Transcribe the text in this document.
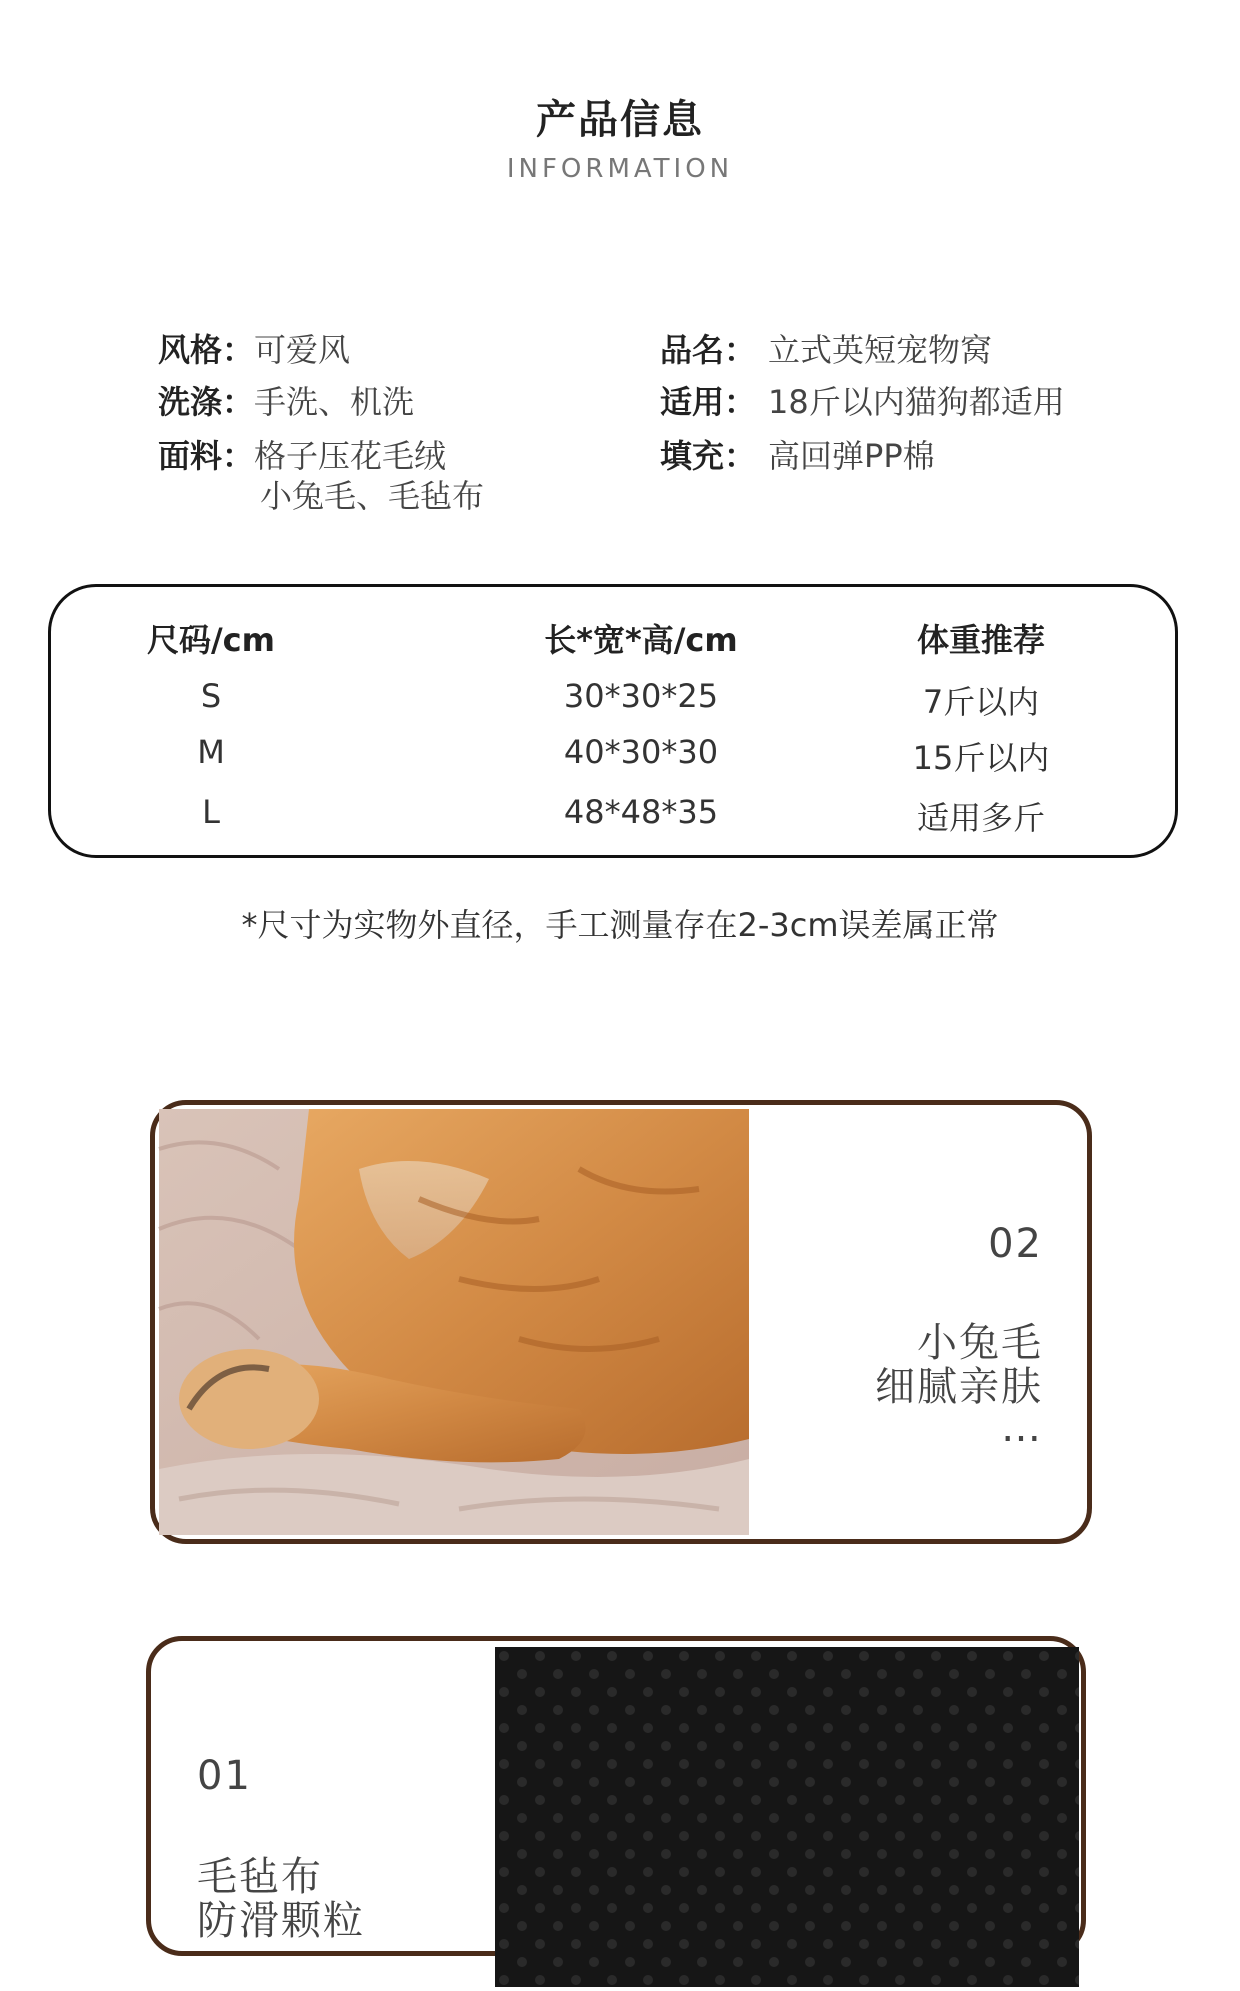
产品信息
INFORMATION
风格：可爱风
洗涤：手洗、机洗
面料：格子压花毛绒
小兔毛、毛毡布
品名： 立式英短宠物窝
适用： 18斤以内猫狗都适用
填充： 高回弹PP棉
尺码/cm	长*宽*高/cm	体重推荐
S	30*30*25	7斤以内
M	40*30*30	15斤以内
L	48*48*35	适用多斤
*尺寸为实物外直径，手工测量存在2-3cm误差属正常
02
小兔毛
细腻亲肤
…
01
毛毡布
防滑颗粒
